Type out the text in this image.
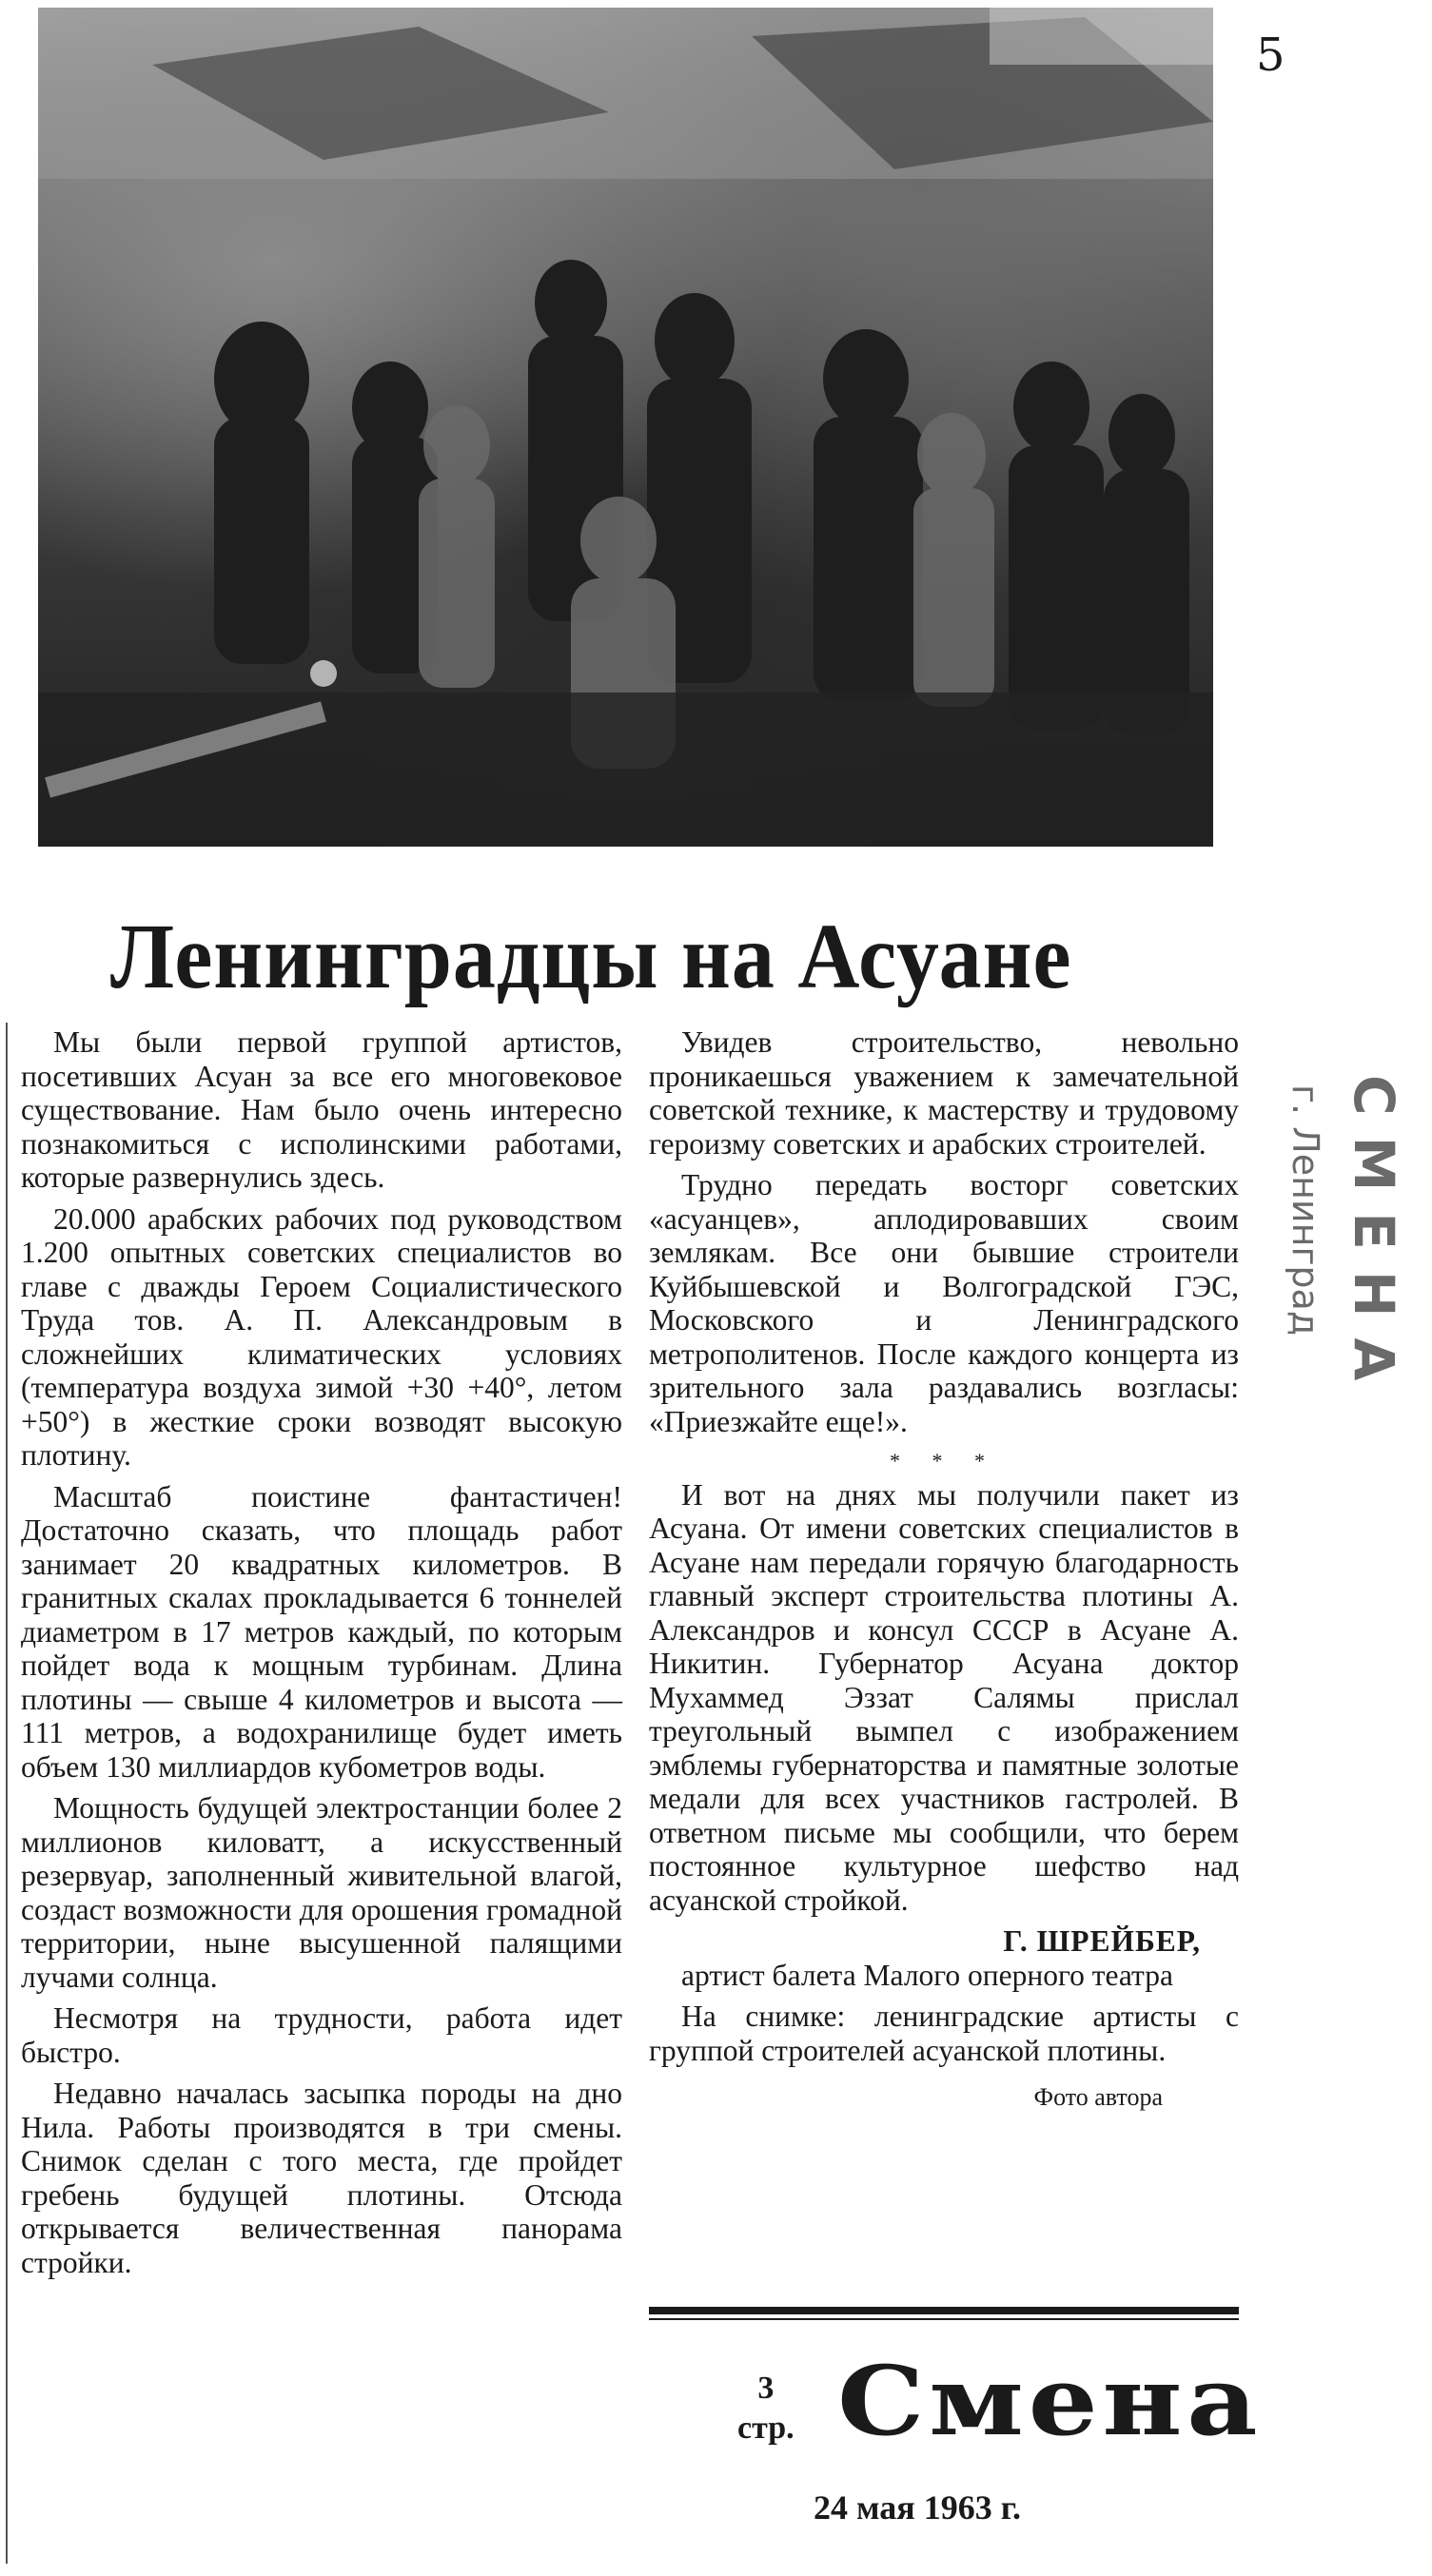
5
СМЕНА
г. Ленинград
Ленинградцы на Асуане

Мы были первой группой артистов, посетивших Асуан за все его многовековое существование. Нам было очень интересно познакомиться с исполинскими работами, которые развернулись здесь.

20.000 арабских рабочих под руководством 1.200 опытных советских специалистов во главе с дважды Героем Социалистического Труда тов. А. П. Александровым в сложнейших климатических условиях (температура воздуха зимой +30 +40°, летом +50°) в жесткие сроки возводят высокую плотину.

Масштаб поистине фантастичен! Достаточно сказать, что площадь работ занимает 20 квадратных километров. В гранитных скалах прокладывается 6 тоннелей диаметром в 17 метров каждый, по которым пойдет вода к мощным турбинам. Длина плотины — свыше 4 километров и высота — 111 метров, а водохранилище будет иметь объем 130 миллиардов кубометров воды.

Мощность будущей электростанции более 2 миллионов киловатт, а искусственный резервуар, заполненный живительной влагой, создаст возможности для орошения громадной территории, ныне высушенной палящими лучами солнца.

Несмотря на трудности, работа идет быстро.

Недавно началась засыпка породы на дно Нила. Работы производятся в три смены. Снимок сделан с того места, где пройдет гребень будущей плотины. Отсюда открывается величественная панорама стройки.

Увидев строительство, невольно проникаешься уважением к замечательной советской технике, к мастерству и трудовому героизму советских и арабских строителей.

Трудно передать восторг советских «асуанцев», аплодировавших своим землякам. Все они бывшие строители Куйбышевской и Волгоградской ГЭС, Московского и Ленинградского метрополитенов. После каждого концерта из зрительного зала раздавались возгласы: «Приезжайте еще!».

* * *

И вот на днях мы получили пакет из Асуана. От имени советских специалистов в Асуане нам передали горячую благодарность главный эксперт строительства плотины А. Александров и консул СССР в Асуане А. Никитин. Губернатор Асуана доктор Мухаммед Эззат Салямы прислал треугольный вымпел с изображением эмблемы губернаторства и памятные золотые медали для всех участников гастролей. В ответном письме мы сообщили, что берем постоянное культурное шефство над асуанской стройкой.

Г. ШРЕЙБЕР,

артист балета Малого оперного театра

На снимке: ленинградские артисты с группой строителей асуанской плотины.

Фото автора
3
стр. Смена
24 мая 1963 г.
